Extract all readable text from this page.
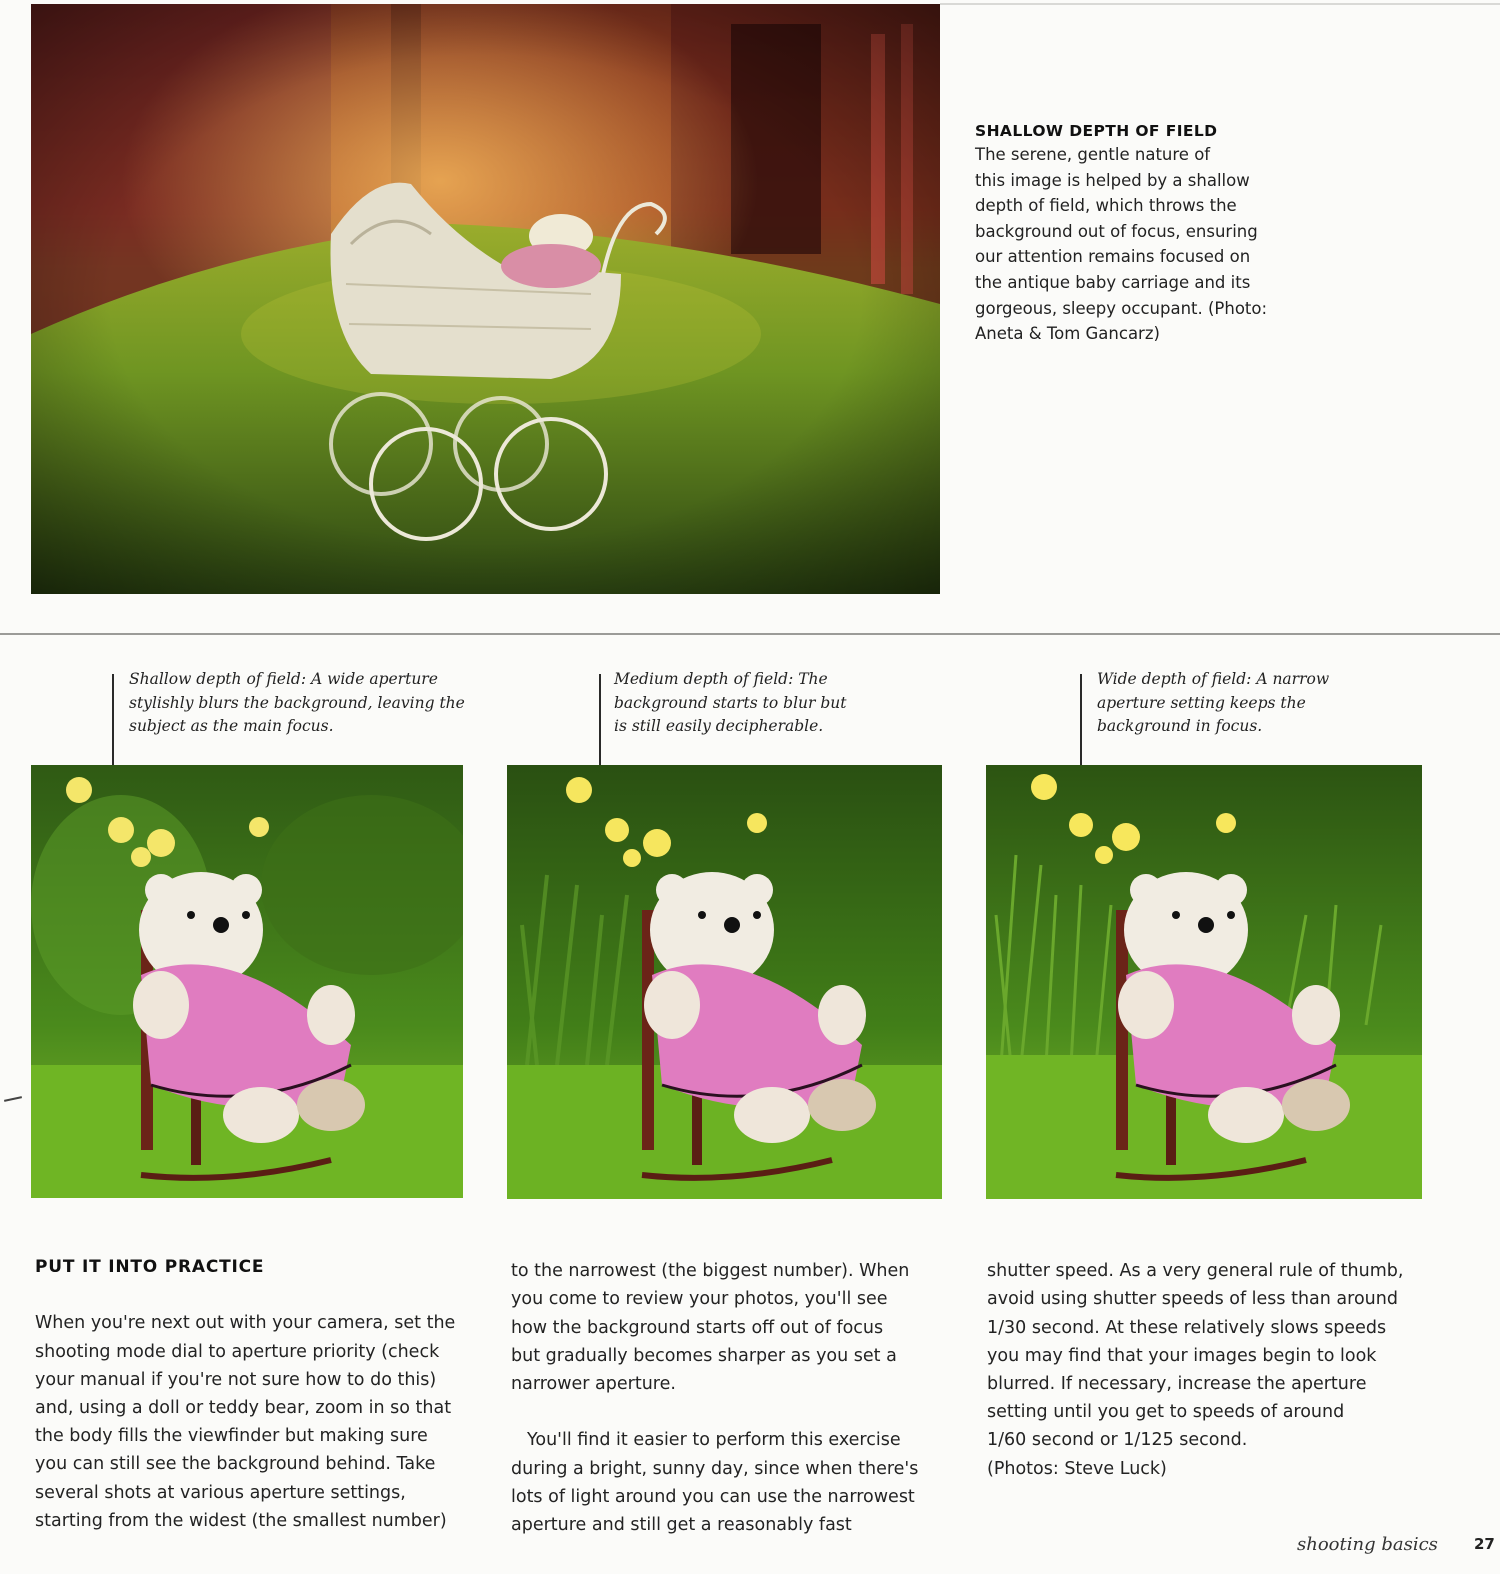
SHALLOW DEPTH OF FIELD
The serene, gentle nature of
this image is helped by a shallow
depth of field, which throws the
background out of focus, ensuring
our attention remains focused on
the antique baby carriage and its
gorgeous, sleepy occupant. (Photo:
Aneta & Tom Gancarz)
Shallow depth of field: A wide aperture
stylishly blurs the background, leaving the
subject as the main focus.
Medium depth of field: The
background starts to blur but
is still easily decipherable.
Wide depth of field: A narrow
aperture setting keeps the
background in focus.

PUT IT INTO PRACTICE

When you're next out with your camera, set the
shooting mode dial to aperture priority (check
your manual if you're not sure how to do this)
and, using a doll or teddy bear, zoom in so that
the body fills the viewfinder but making sure
you can still see the background behind. Take
several shots at various aperture settings,
starting from the widest (the smallest number)

to the narrowest (the biggest number). When
you come to review your photos, you'll see
how the background starts off out of focus
but gradually becomes sharper as you set a
narrower aperture.

You'll find it easier to perform this exercise
during a bright, sunny day, since when there's
lots of light around you can use the narrowest
aperture and still get a reasonably fast

shutter speed. As a very general rule of thumb,
avoid using shutter speeds of less than around
1/30 second. At these relatively slows speeds
you may find that your images begin to look
blurred. If necessary, increase the aperture
setting until you get to speeds of around
1/60 second or 1/125 second.
(Photos: Steve Luck)

shooting basics 27
